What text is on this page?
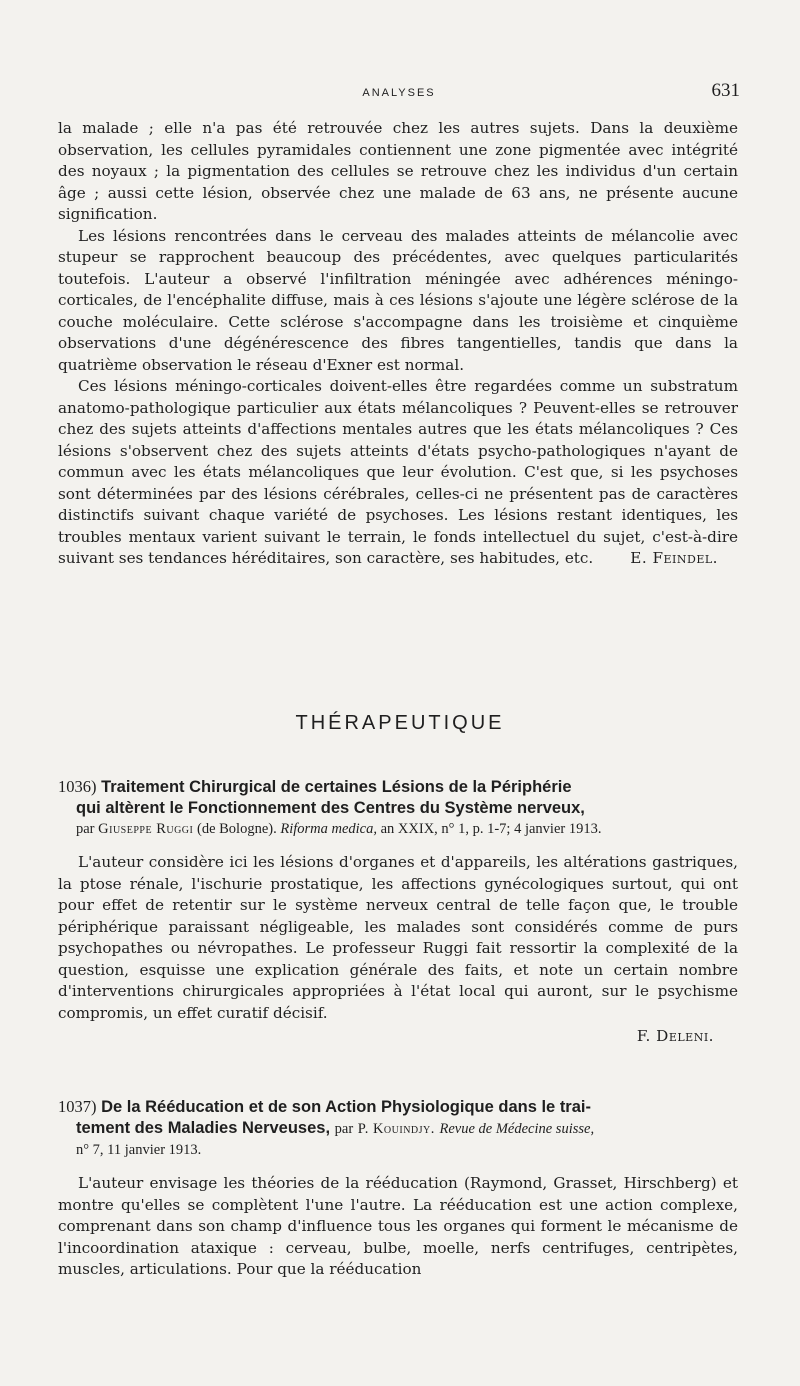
ANALYSES	631

la malade ; elle n'a pas été retrouvée chez les autres sujets. Dans la deuxième observation, les cellules pyramidales contiennent une zone pigmentée avec intégrité des noyaux ; la pigmentation des cellules se retrouve chez les individus d'un certain âge ; aussi cette lésion, observée chez une malade de 63 ans, ne présente aucune signification.

Les lésions rencontrées dans le cerveau des malades atteints de mélancolie avec stupeur se rapprochent beaucoup des précédentes, avec quelques particularités toutefois. L'auteur a observé l'infiltration méningée avec adhérences méningo-corticales, de l'encéphalite diffuse, mais à ces lésions s'ajoute une légère sclérose de la couche moléculaire. Cette sclérose s'accompagne dans les troisième et cinquième observations d'une dégénérescence des fibres tangentielles, tandis que dans la quatrième observation le réseau d'Exner est normal.

Ces lésions méningo-corticales doivent-elles être regardées comme un substratum anatomo-pathologique particulier aux états mélancoliques ? Peuvent-elles se retrouver chez des sujets atteints d'affections mentales autres que les états mélancoliques ? Ces lésions s'observent chez des sujets atteints d'états psycho-pathologiques n'ayant de commun avec les états mélancoliques que leur évolution. C'est que, si les psychoses sont déterminées par des lésions cérébrales, celles-ci ne présentent pas de caractères distinctifs suivant chaque variété de psychoses. Les lésions restant identiques, les troubles mentaux varient suivant le terrain, le fonds intellectuel du sujet, c'est-à-dire suivant ses tendances héréditaires, son caractère, ses habitudes, etc.	E. Feindel.

THÉRAPEUTIQUE
1036) Traitement Chirurgical de certaines Lésions de la Périphérie
qui altèrent le Fonctionnement des Centres du Système nerveux,
par Giuseppe Ruggi (de Bologne). Riforma medica, an XXIX, n° 1, p. 1-7; 4 janvier 1913.

L'auteur considère ici les lésions d'organes et d'appareils, les altérations gastriques, la ptose rénale, l'ischurie prostatique, les affections gynécologiques surtout, qui ont pour effet de retentir sur le système nerveux central de telle façon que, le trouble périphérique paraissant négligeable, les malades sont considérés comme de purs psychopathes ou névropathes. Le professeur Ruggi fait ressortir la complexité de la question, esquisse une explication générale des faits, et note un certain nombre d'interventions chirurgicales appropriées à l'état local qui auront, sur le psychisme compromis, un effet curatif décisif.

F. Deleni.
1037) De la Rééducation et de son Action Physiologique dans le trai-
tement des Maladies Nerveuses, par P. Kouindjy. Revue de Médecine suisse,
n° 7, 11 janvier 1913.

L'auteur envisage les théories de la rééducation (Raymond, Grasset, Hirschberg) et montre qu'elles se complètent l'une l'autre. La rééducation est une action complexe, comprenant dans son champ d'influence tous les organes qui forment le mécanisme de l'incoordination ataxique : cerveau, bulbe, moelle, nerfs centrifuges, centripètes, muscles, articulations. Pour que la rééducation
